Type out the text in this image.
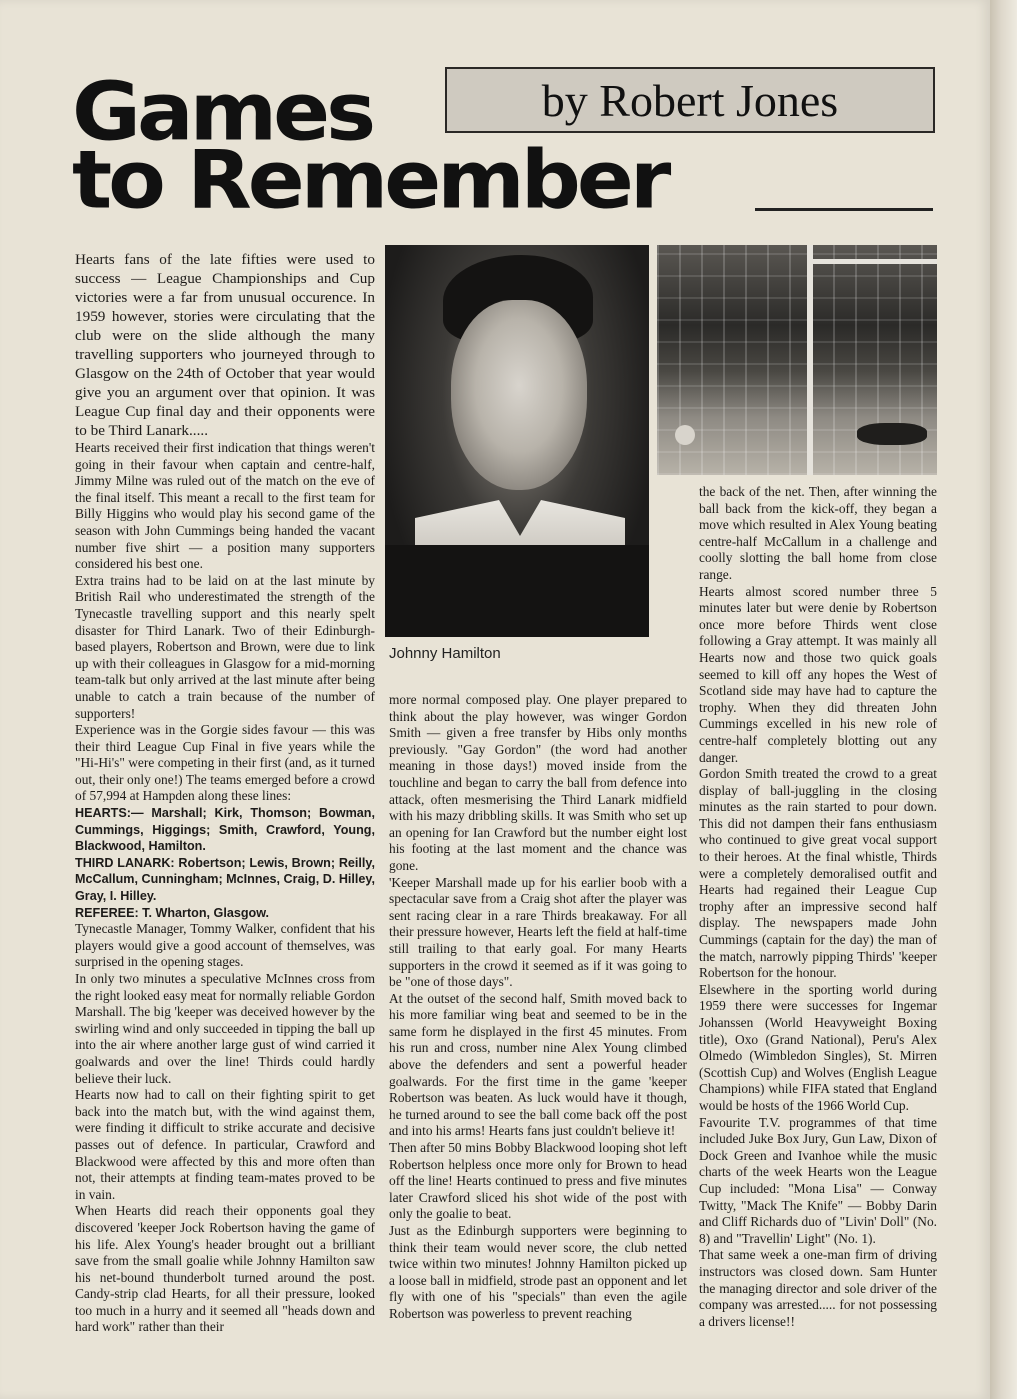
Games
to Remember
by Robert Jones
Johnny Hamilton

Hearts fans of the late fifties were used to success — League Championships and Cup victories were a far from unusual occurence. In 1959 however, stories were circulating that the club were on the slide although the many travelling supporters who journeyed through to Glasgow on the 24th of October that year would give you an argument over that opinion. It was League Cup final day and their opponents were to be Third Lanark.....

Hearts received their first indication that things weren't going in their favour when captain and centre-half, Jimmy Milne was ruled out of the match on the eve of the final itself. This meant a recall to the first team for Billy Higgins who would play his second game of the season with John Cummings being handed the vacant number five shirt — a position many supporters considered his best one.

Extra trains had to be laid on at the last minute by British Rail who underestimated the strength of the Tynecastle travelling support and this nearly spelt disaster for Third Lanark. Two of their Edinburgh-based players, Robertson and Brown, were due to link up with their colleagues in Glasgow for a mid-morning team-talk but only arrived at the last minute after being unable to catch a train because of the number of supporters!

Experience was in the Gorgie sides favour — this was their third League Cup Final in five years while the "Hi-Hi's" were competing in their first (and, as it turned out, their only one!) The teams emerged before a crowd of 57,994 at Hampden along these lines:

HEARTS:— Marshall; Kirk, Thomson; Bowman, Cummings, Higgings; Smith, Crawford, Young, Blackwood, Hamilton.

THIRD LANARK: Robertson; Lewis, Brown; Reilly, McCallum, Cunningham; McInnes, Craig, D. Hilley, Gray, I. Hilley.

REFEREE: T. Wharton, Glasgow.

Tynecastle Manager, Tommy Walker, confident that his players would give a good account of themselves, was surprised in the opening stages.

In only two minutes a speculative McInnes cross from the right looked easy meat for normally reliable Gordon Marshall. The big 'keeper was deceived however by the swirling wind and only succeeded in tipping the ball up into the air where another large gust of wind carried it goalwards and over the line! Thirds could hardly believe their luck.

Hearts now had to call on their fighting spirit to get back into the match but, with the wind against them, were finding it difficult to strike accurate and decisive passes out of defence. In particular, Crawford and Blackwood were affected by this and more often than not, their attempts at finding team-mates proved to be in vain.

When Hearts did reach their opponents goal they discovered 'keeper Jock Robertson having the game of his life. Alex Young's header brought out a brilliant save from the small goalie while Johnny Hamilton saw his net-bound thunderbolt turned around the post. Candy-strip clad Hearts, for all their pressure, looked too much in a hurry and it seemed all "heads down and hard work" rather than their

more normal composed play. One player prepared to think about the play however, was winger Gordon Smith — given a free transfer by Hibs only months previously. "Gay Gordon" (the word had another meaning in those days!) moved inside from the touchline and began to carry the ball from defence into attack, often mesmerising the Third Lanark midfield with his mazy dribbling skills. It was Smith who set up an opening for Ian Crawford but the number eight lost his footing at the last moment and the chance was gone.

'Keeper Marshall made up for his earlier boob with a spectacular save from a Craig shot after the player was sent racing clear in a rare Thirds breakaway. For all their pressure however, Hearts left the field at half-time still trailing to that early goal. For many Hearts supporters in the crowd it seemed as if it was going to be "one of those days".

At the outset of the second half, Smith moved back to his more familiar wing beat and seemed to be in the same form he displayed in the first 45 minutes. From his run and cross, number nine Alex Young climbed above the defenders and sent a powerful header goalwards. For the first time in the game 'keeper Robertson was beaten. As luck would have it though, he turned around to see the ball come back off the post and into his arms! Hearts fans just couldn't believe it!

Then after 50 mins Bobby Blackwood looping shot left Robertson helpless once more only for Brown to head off the line! Hearts continued to press and five minutes later Crawford sliced his shot wide of the post with only the goalie to beat.

Just as the Edinburgh supporters were beginning to think their team would never score, the club netted twice within two minutes! Johnny Hamilton picked up a loose ball in midfield, strode past an opponent and let fly with one of his "specials" than even the agile Robertson was powerless to prevent reaching

the back of the net. Then, after winning the ball back from the kick-off, they began a move which resulted in Alex Young beating centre-half McCallum in a challenge and coolly slotting the ball home from close range.

Hearts almost scored number three 5 minutes later but were denie by Robertson once more before Thirds went close following a Gray attempt. It was mainly all Hearts now and those two quick goals seemed to kill off any hopes the West of Scotland side may have had to capture the trophy. When they did threaten John Cummings excelled in his new role of centre-half completely blotting out any danger.

Gordon Smith treated the crowd to a great display of ball-juggling in the closing minutes as the rain started to pour down. This did not dampen their fans enthusiasm who continued to give great vocal support to their heroes. At the final whistle, Thirds were a completely demoralised outfit and Hearts had regained their League Cup trophy after an impressive second half display. The newspapers made John Cummings (captain for the day) the man of the match, narrowly pipping Thirds' 'keeper Robertson for the honour.

Elsewhere in the sporting world during 1959 there were successes for Ingemar Johanssen (World Heavyweight Boxing title), Oxo (Grand National), Peru's Alex Olmedo (Wimbledon Singles), St. Mirren (Scottish Cup) and Wolves (English League Champions) while FIFA stated that England would be hosts of the 1966 World Cup.

Favourite T.V. programmes of that time included Juke Box Jury, Gun Law, Dixon of Dock Green and Ivanhoe while the music charts of the week Hearts won the League Cup included: "Mona Lisa" — Conway Twitty, "Mack The Knife" — Bobby Darin and Cliff Richards duo of "Livin' Doll" (No. 8) and "Travellin' Light" (No. 1).

That same week a one-man firm of driving instructors was closed down. Sam Hunter the managing director and sole driver of the company was arrested..... for not possessing a drivers license!!
